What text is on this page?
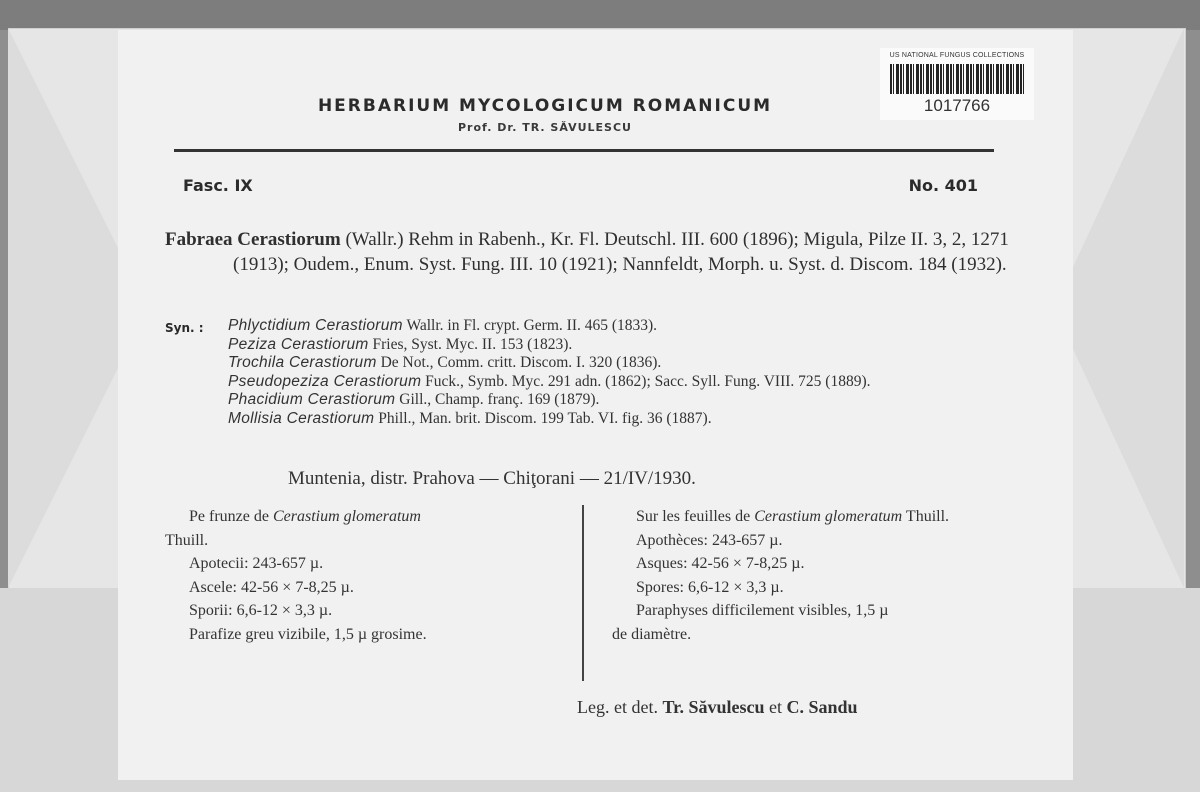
US NATIONAL FUNGUS COLLECTIONS
1017766
HERBARIUM MYCOLOGICUM ROMANICUM
Prof. Dr. TR. SĂVULESCU
Fasc. IX	No. 401
Fabraea Cerastiorum (Wallr.) Rehm in Rabenh., Kr. Fl. Deutschl. III. 600 (1896); Migula, Pilze II. 3, 2, 1271 (1913); Oudem., Enum. Syst. Fung. III. 10 (1921); Nannfeldt, Morph. u. Syst. d. Discom. 184 (1932).
Syn. : Phlyctidium Cerastiorum Wallr. in Fl. crypt. Germ. II. 465 (1833).
Peziza Cerastiorum Fries, Syst. Myc. II. 153 (1823).
Trochila Cerastiorum De Not., Comm. critt. Discom. I. 320 (1836).
Pseudopeziza Cerastiorum Fuck., Symb. Myc. 291 adn. (1862); Sacc. Syll. Fung. VIII. 725 (1889).
Phacidium Cerastiorum Gill., Champ. franç. 169 (1879).
Mollisia Cerastiorum Phill., Man. brit. Discom. 199 Tab. VI. fig. 36 (1887).
Muntenia, distr. Prahova — Chiţorani — 21/IV/1930.
Pe frunze de Cerastium glomeratum
Thuill.
Apotecii: 243-657 µ.
Ascele: 42-56 × 7-8,25 µ.
Sporii: 6,6-12 × 3,3 µ.
Parafize greu vizibile, 1,5 µ grosime.
Sur les feuilles de Cerastium glomeratum Thuill.
Apothèces: 243-657 µ.
Asques: 42-56 × 7-8,25 µ.
Spores: 6,6-12 × 3,3 µ.
Paraphyses difficilement visibles, 1,5 µ
de diamètre.
Leg. et det. Tr. Săvulescu et C. Sandu
